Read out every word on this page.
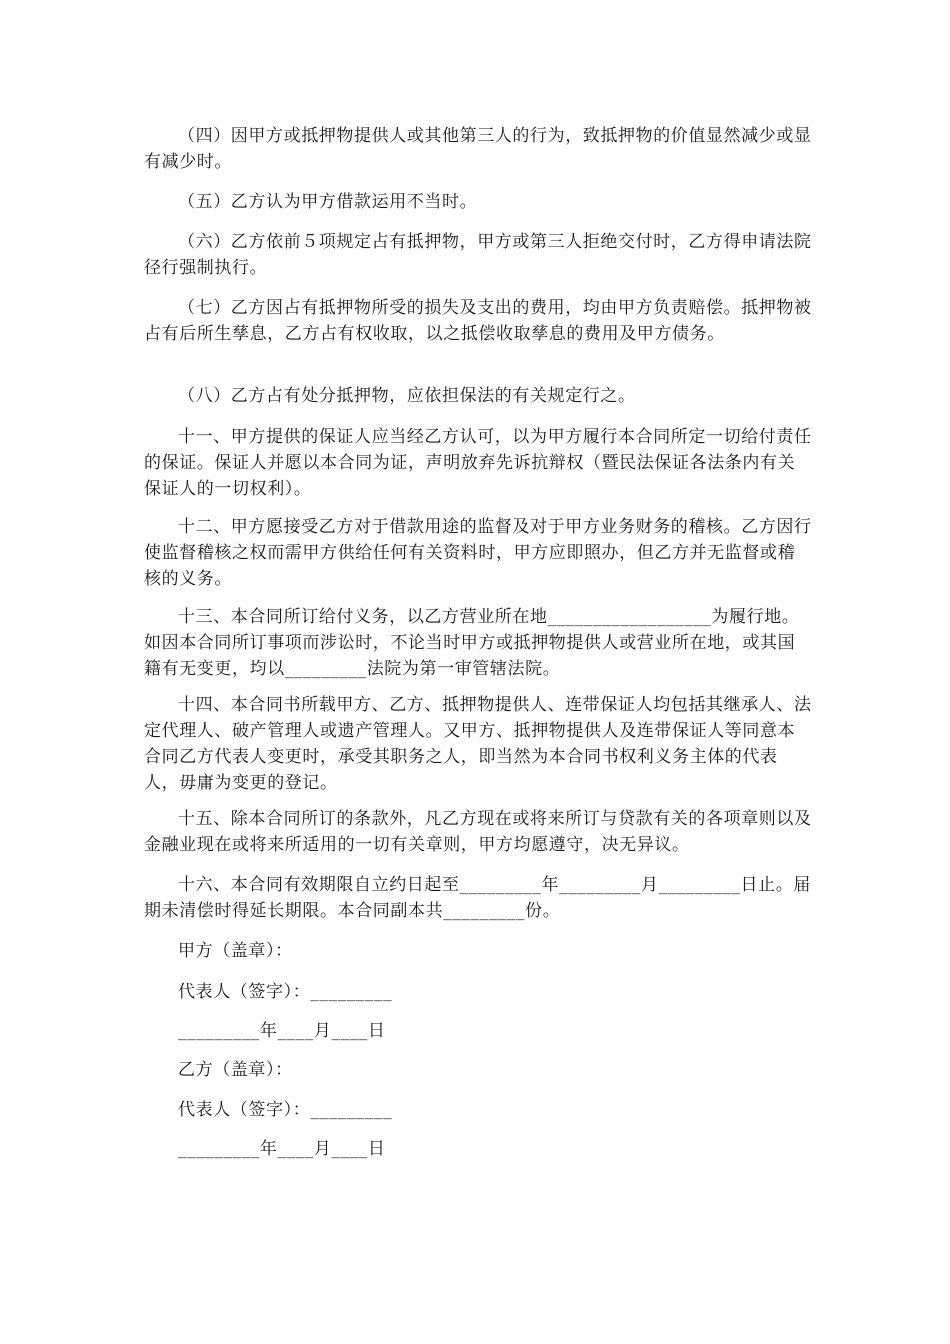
（四）因甲方或抵押物提供人或其他第三人的行为，致抵押物的价值显然减少或显有减少时。

（五）乙方认为甲方借款运用不当时。

（六）乙方依前５项规定占有抵押物，甲方或第三人拒绝交付时，乙方得申请法院径行强制执行。

（七）乙方因占有抵押物所受的损失及支出的费用，均由甲方负责赔偿。抵押物被占有后所生孳息，乙方占有权收取，以之抵偿收取孳息的费用及甲方债务。

（八）乙方占有处分抵押物，应依担保法的有关规定行之。

十一、甲方提供的保证人应当经乙方认可，以为甲方履行本合同所定一切给付责任的保证。保证人并愿以本合同为证，声明放弃先诉抗辩权（暨民法保证各法条内有关保证人的一切权利）。

十二、甲方愿接受乙方对于借款用途的监督及对于甲方业务财务的稽核。乙方因行使监督稽核之权而需甲方供给任何有关资料时，甲方应即照办，但乙方并无监督或稽核的义务。

十三、本合同所订给付义务，以乙方营业所在地__________________为履行地。如因本合同所订事项而涉讼时，不论当时甲方或抵押物提供人或营业所在地，或其国籍有无变更，均以_________法院为第一审管辖法院。

十四、本合同书所载甲方、乙方、抵押物提供人、连带保证人均包括其继承人、法定代理人、破产管理人或遗产管理人。又甲方、抵押物提供人及连带保证人等同意本合同乙方代表人变更时，承受其职务之人，即当然为本合同书权利义务主体的代表人，毋庸为变更的登记。

十五、除本合同所订的条款外，凡乙方现在或将来所订与贷款有关的各项章则以及金融业现在或将来所适用的一切有关章则，甲方均愿遵守，决无异议。

十六、本合同有效期限自立约日起至_________年_________月_________日止。届期未清偿时得延长期限。本合同副本共_________份。

甲方（盖章）：
代表人（签字）：_________
_________年____月____日
乙方（盖章）：
代表人（签字）：_________
_________年____月____日
